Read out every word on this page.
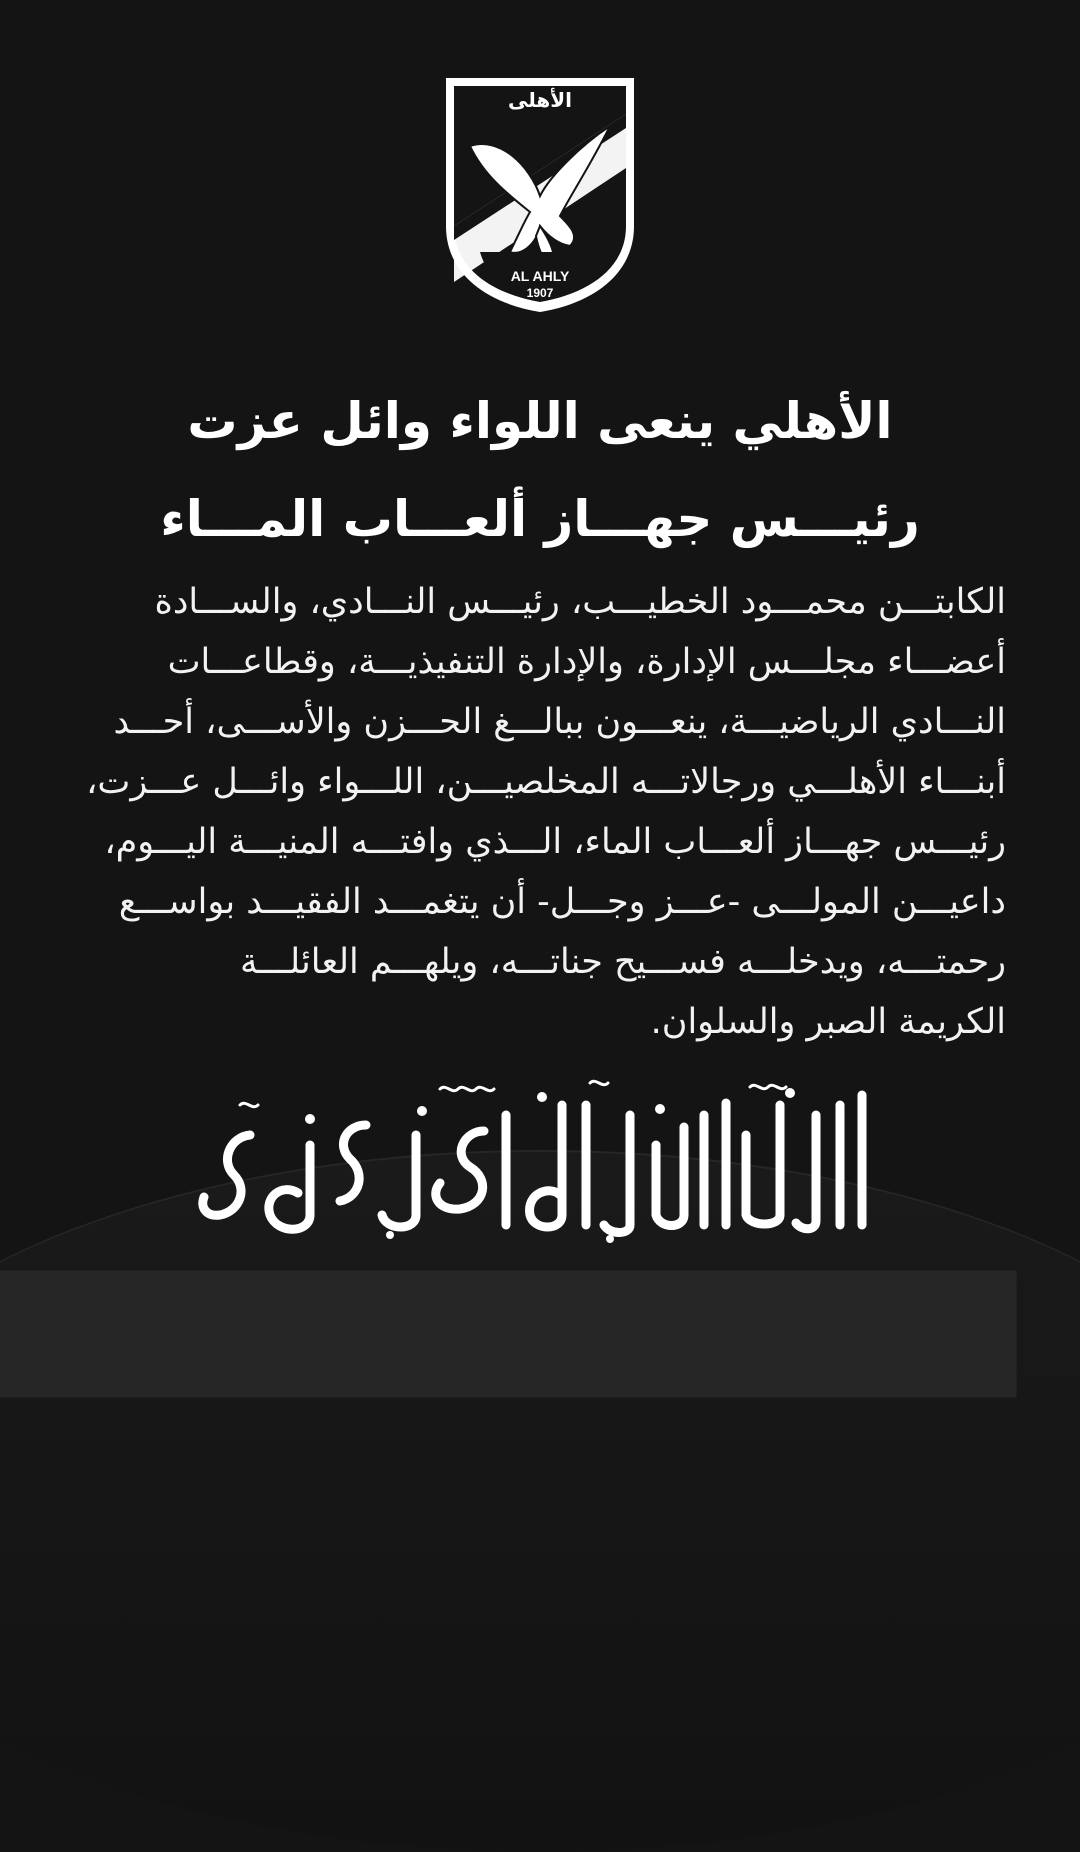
الأهلى
AL AHLY
1907
الأهلي ينعى اللواء وائل عزت
رئيـــس جهـــاز ألعـــاب المـــاء
الكابتـــن محمـــود الخطيـــب، رئيـــس النـــادي، والســـادة
أعضـــاء مجلـــس الإدارة، والإدارة التنفيذيـــة، وقطاعـــات
النـــادي الرياضيـــة، ينعـــون ببالـــغ الحـــزن والأســـى، أحـــد
أبنـــاء الأهلـــي ورجالاتـــه المخلصيـــن، اللـــواء وائـــل عـــزت،
رئيـــس جهـــاز ألعـــاب الماء، الـــذي وافتـــه المنيـــة اليـــوم،
داعيـــن المولـــى -عـــز وجـــل- أن يتغمـــد الفقيـــد بواســـع
رحمتـــه، ويدخلـــه فســـيح جناتـــه، ويلهـــم العائلـــة
الكريمة الصبر والسلوان.
